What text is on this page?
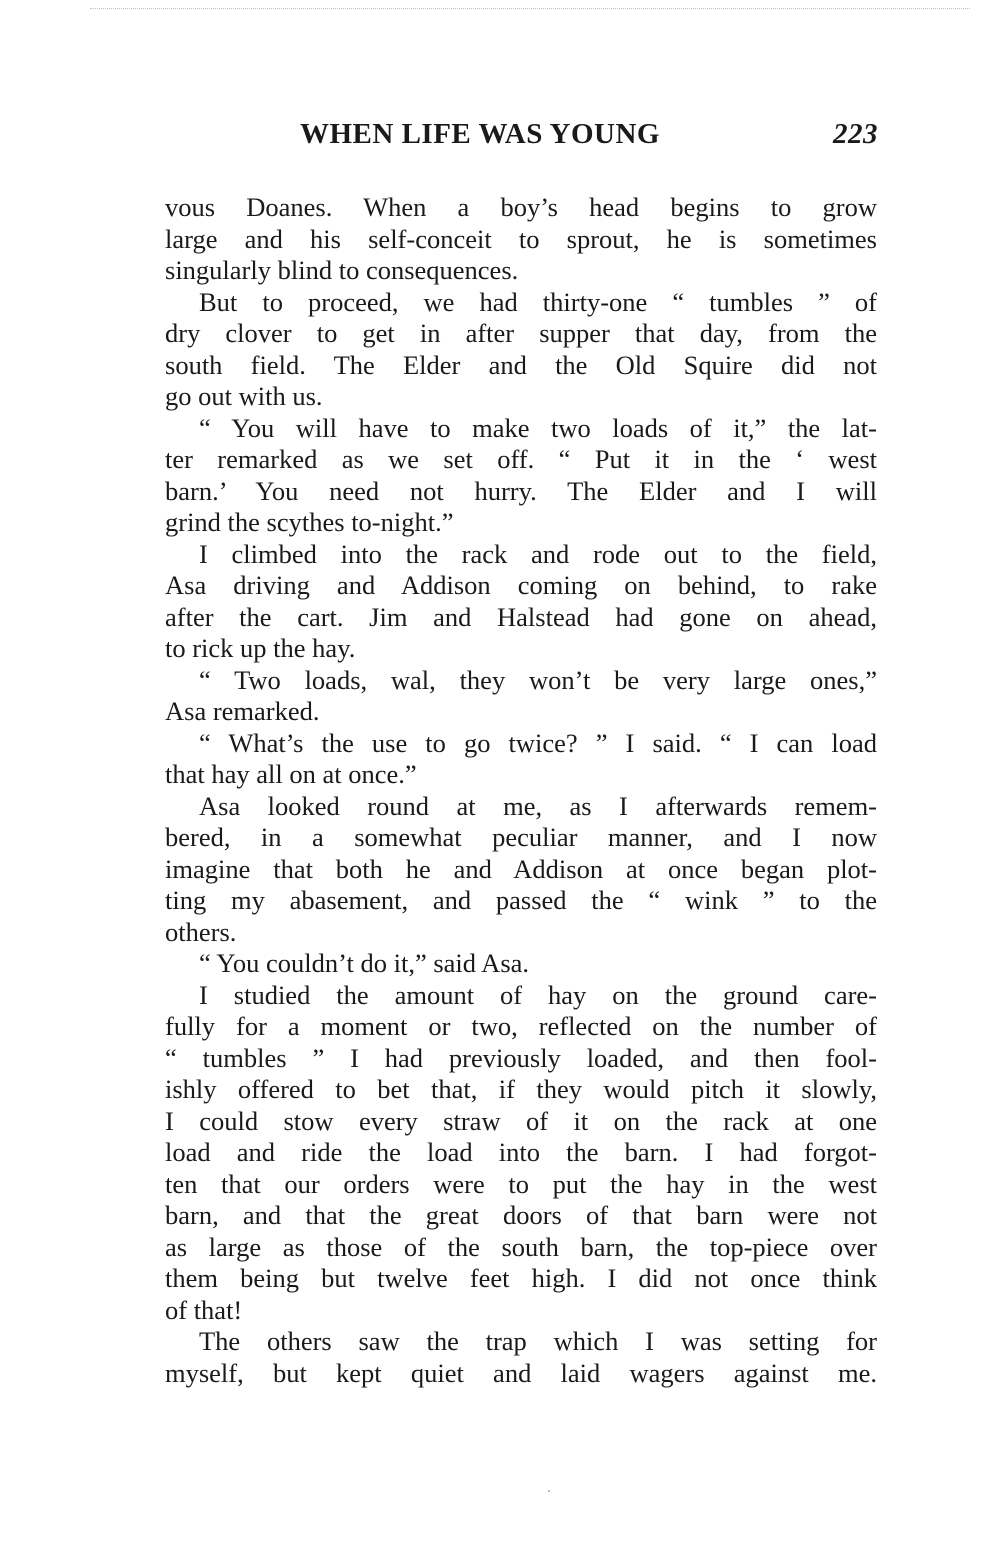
WHEN LIFE WAS YOUNG	223
vous Doanes. When a boy’s head begins to grow
large and his self-conceit to sprout, he is sometimes
singularly blind to consequences.
But to proceed, we had thirty-one “ tumbles ” of
dry clover to get in after supper that day, from the
south field. The Elder and the Old Squire did not
go out with us.
“ You will have to make two loads of it,” the lat-
ter remarked as we set off. “ Put it in the ‘ west
barn.’ You need not hurry. The Elder and I will
grind the scythes to-night.”
I climbed into the rack and rode out to the field,
Asa driving and Addison coming on behind, to rake
after the cart. Jim and Halstead had gone on ahead,
to rick up the hay.
“ Two loads, wal, they won’t be very large ones,”
Asa remarked.
“ What’s the use to go twice? ” I said. “ I can load
that hay all on at once.”
Asa looked round at me, as I afterwards remem-
bered, in a somewhat peculiar manner, and I now
imagine that both he and Addison at once began plot-
ting my abasement, and passed the “ wink ” to the
others.
“ You couldn’t do it,” said Asa.
I studied the amount of hay on the ground care-
fully for a moment or two, reflected on the number of
“ tumbles ” I had previously loaded, and then fool-
ishly offered to bet that, if they would pitch it slowly,
I could stow every straw of it on the rack at one
load and ride the load into the barn. I had forgot-
ten that our orders were to put the hay in the west
barn, and that the great doors of that barn were not
as large as those of the south barn, the top-piece over
them being but twelve feet high. I did not once think
of that!
The others saw the trap which I was setting for
myself, but kept quiet and laid wagers against me.
